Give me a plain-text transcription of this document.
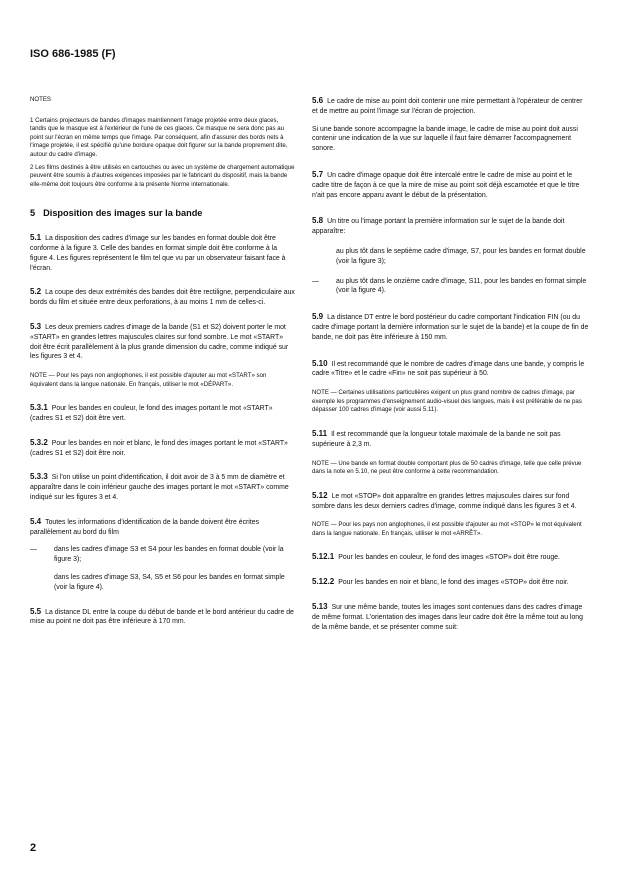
ISO 686-1985 (F)

NOTES

1 Certains projecteurs de bandes d'images maintiennent l'image projetée entre deux glaces, tandis que le masque est à l'extérieur de l'une de ces glaces. Ce masque ne sera donc pas au point sur l'écran en même temps que l'image. Par conséquent, afin d'assurer des bords nets à l'image projetée, il est spécifié qu'une bordure opaque doit figurer sur la bande proprement dite, autour du cadre d'image.

2 Les films destinés à être utilisés en cartouches ou avec un système de chargement automatique peuvent être soumis à d'autres exigences imposées par le fabricant du dispositif, mais la bande elle-même doit toujours être conforme à la présente Norme internationale.

5 Disposition des images sur la bande

5.1 La disposition des cadres d'image sur les bandes en format double doit être conforme à la figure 3. Celle des bandes en format simple doit être conforme à la figure 4. Les figures représentent le film tel que vu par un observateur faisant face à l'écran.

5.2 La coupe des deux extrémités des bandes doit être rectiligne, perpendiculaire aux bords du film et située entre deux perforations, à au moins 1 mm de celles-ci.

5.3 Les deux premiers cadres d'image de la bande (S1 et S2) doivent porter le mot «START» en grandes lettres majuscules claires sur fond sombre. Le mot «START» doit être écrit parallèlement à la plus grande dimension du cadre, comme indiqué sur les figures 3 et 4.

NOTE — Pour les pays non anglophones, il est possible d'ajouter au mot «START» son équivalent dans la langue nationale. En français, utiliser le mot «DÉPART».

5.3.1 Pour les bandes en couleur, le fond des images portant le mot «START» (cadres S1 et S2) doit être vert.

5.3.2 Pour les bandes en noir et blanc, le fond des images portant le mot «START» (cadres S1 et S2) doit être noir.

5.3.3 Si l'on utilise un point d'identification, il doit avoir de 3 à 5 mm de diamètre et apparaître dans le coin inférieur gauche des images portant le mot «START» comme indiqué sur les figures 3 et 4.

5.4 Toutes les informations d'identification de la bande doivent être écrites parallèlement au bord du film

— dans les cadres d'image S3 et S4 pour les bandes en format double (voir la figure 3);

dans les cadres d'image S3, S4, S5 et S6 pour les bandes en format simple (voir la figure 4).

5.5 La distance DL entre la coupe du début de bande et le bord antérieur du cadre de mise au point ne doit pas être inférieure à 170 mm.

5.6 Le cadre de mise au point doit contenir une mire permettant à l'opérateur de centrer et de mettre au point l'image sur l'écran de projection.

Si une bande sonore accompagne la bande image, le cadre de mise au point doit aussi contenir une indication de la vue sur laquelle il faut faire démarrer l'accompagnement sonore.

5.7 Un cadre d'image opaque doit être intercalé entre le cadre de mise au point et le cadre titre de façon à ce que la mire de mise au point soit déjà escamotée et que le titre n'ait pas encore apparu avant le début de la présentation.

5.8 Un titre ou l'image portant la première information sur le sujet de la bande doit apparaître:

au plus tôt dans le septième cadre d'image, S7, pour les bandes en format double (voir la figure 3);

— au plus tôt dans le onzième cadre d'image, S11, pour les bandes en format simple (voir la figure 4).

5.9 La distance DT entre le bord postérieur du cadre comportant l'indication FIN (ou du cadre d'image portant la dernière information sur le sujet de la bande) et la coupe de fin de bande, ne doit pas être inférieure à 150 mm.

5.10 Il est recommandé que le nombre de cadres d'image dans une bande, y compris le cadre «Titre» et le cadre «Fin» ne soit pas supérieur à 50.

NOTE — Certaines utilisations particulières exigent un plus grand nombre de cadres d'image, par exemple les programmes d'enseignement audio-visuel des langues, mais il est préférable de ne pas dépasser 100 cadres d'image (voir aussi 5.11).

5.11 Il est recommandé que la longueur totale maximale de la bande ne soit pas supérieure à 2,3 m.

NOTE — Une bande en format double comportant plus de 50 cadres d'image, telle que celle prévue dans la note en 5.10, ne peut être conforme à cette recommandation.

5.12 Le mot «STOP» doit apparaître en grandes lettres majuscules claires sur fond sombre dans les deux derniers cadres d'image, comme indiqué dans les figures 3 et 4.

NOTE — Pour les pays non anglophones, il est possible d'ajouter au mot «STOP» le mot équivalent dans la langue nationale. En français, utiliser le mot «ARRÊT».

5.12.1 Pour les bandes en couleur, le fond des images «STOP» doit être rouge.

5.12.2 Pour les bandes en noir et blanc, le fond des images «STOP» doit être noir.

5.13 Sur une même bande, toutes les images sont contenues dans des cadres d'image de même format. L'orientation des images dans leur cadre doit être la même tout au long de la même bande, et se présenter comme suit:

2
